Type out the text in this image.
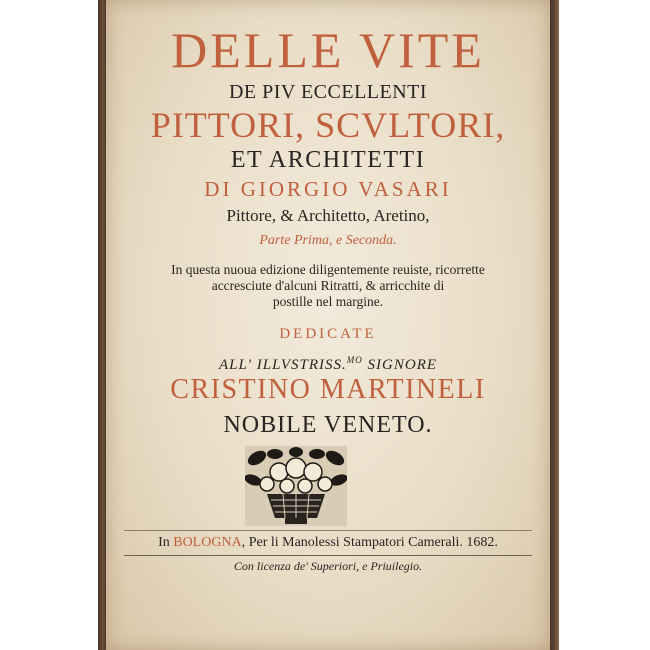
DELLE VITE
DE PIV ECCELLENTI
PITTORI, SCVLTORI,
ET ARCHITETTI
DI GIORGIO VASARI
Pittore, & Architetto, Aretino,
Parte Prima, e Seconda.
In questa nuoua edizione diligentemente reuiste, ricorrette
accresciute d'alcuni Ritratti, & arricchite di
postille nel margine.
DEDICATE
ALL' ILLVSTRISS.$^{MO}$ SIGNORE
CRISTINO MARTINELI
NOBILE VENETO.
In BOLOGNA, Per li Manolessi Stampatori Camerali. 1682.
Con licenza de' Superiori, e Priuilegio.
